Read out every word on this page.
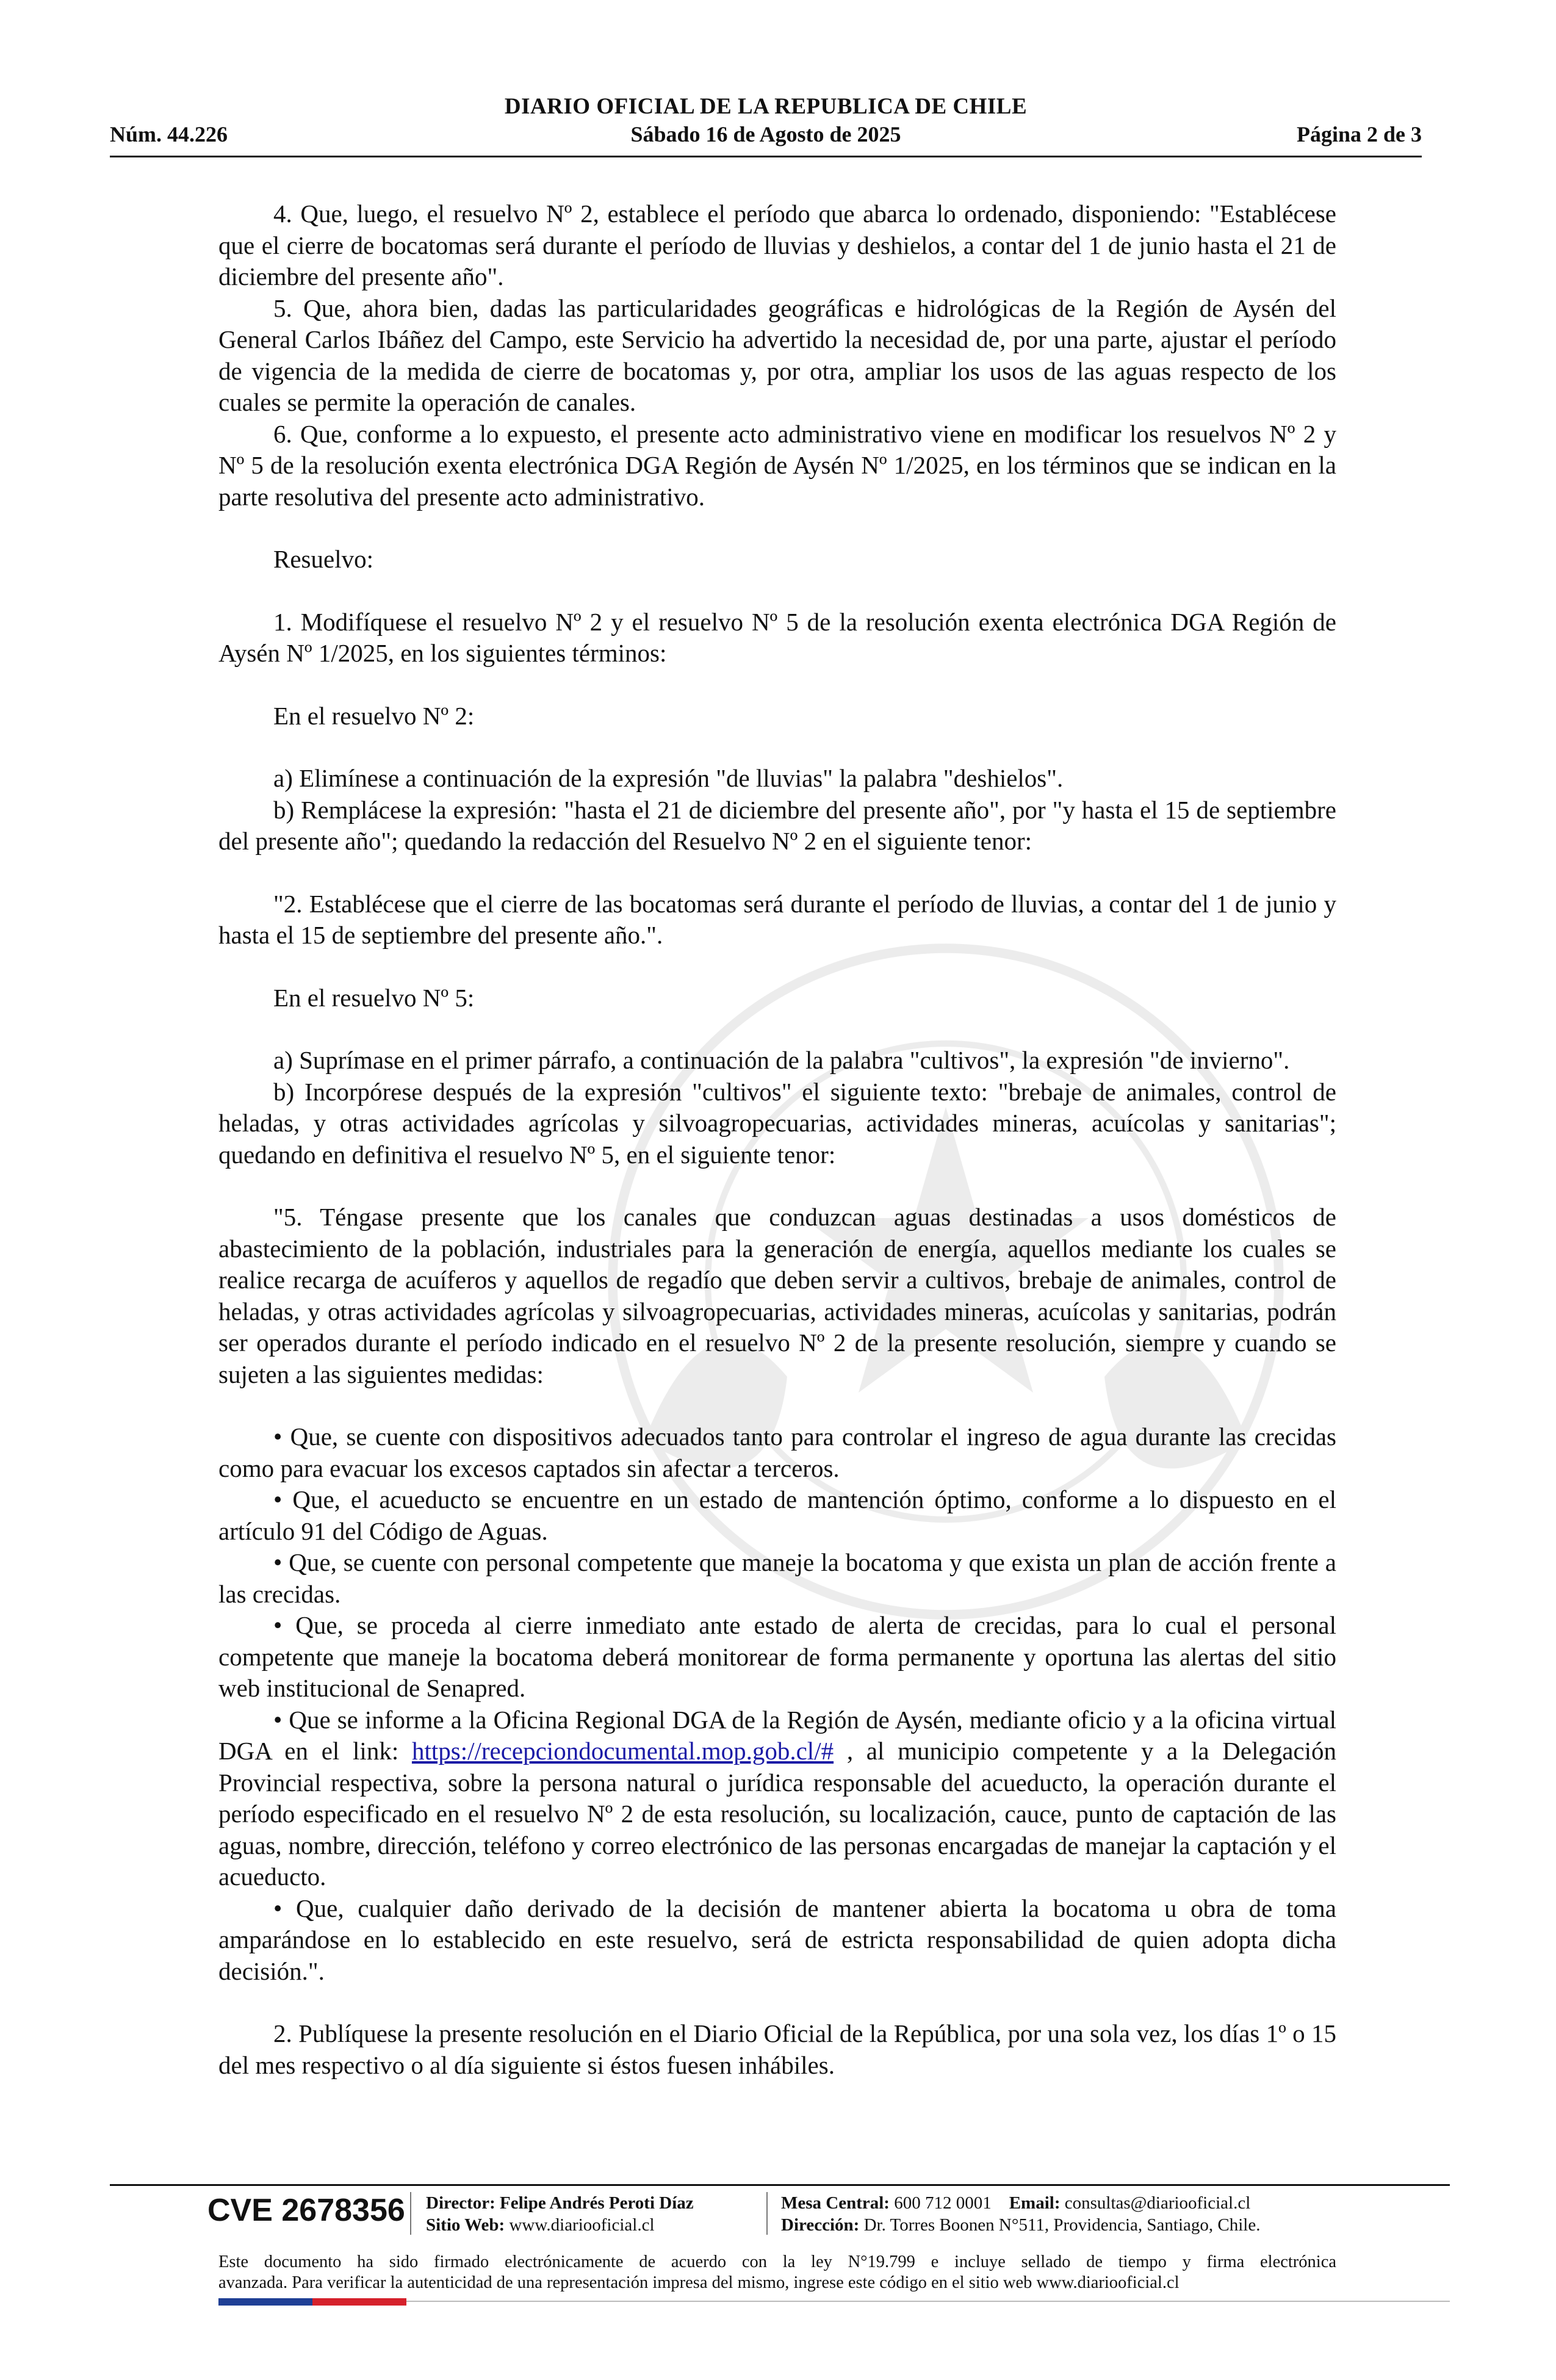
DIARIO OFICIAL DE LA REPUBLICA DE CHILE
Núm. 44.226	Sábado 16 de Agosto de 2025	Página 2 de 3

4. Que, luego, el resuelvo Nº 2, establece el período que abarca lo ordenado, disponiendo: "Establécese que el cierre de bocatomas será durante el período de lluvias y deshielos, a contar del 1 de junio hasta el 21 de diciembre del presente año".

5. Que, ahora bien, dadas las particularidades geográficas e hidrológicas de la Región de Aysén del General Carlos Ibáñez del Campo, este Servicio ha advertido la necesidad de, por una parte, ajustar el período de vigencia de la medida de cierre de bocatomas y, por otra, ampliar los usos de las aguas respecto de los cuales se permite la operación de canales.

6. Que, conforme a lo expuesto, el presente acto administrativo viene en modificar los resuelvos Nº 2 y Nº 5 de la resolución exenta electrónica DGA Región de Aysén Nº 1/2025, en los términos que se indican en la parte resolutiva del presente acto administrativo.

Resuelvo:

1. Modifíquese el resuelvo Nº 2 y el resuelvo Nº 5 de la resolución exenta electrónica DGA Región de Aysén Nº 1/2025, en los siguientes términos:

En el resuelvo Nº 2:

a) Elimínese a continuación de la expresión "de lluvias" la palabra "deshielos".

b) Remplácese la expresión: "hasta el 21 de diciembre del presente año", por "y hasta el 15 de septiembre del presente año"; quedando la redacción del Resuelvo Nº 2 en el siguiente tenor:

"2. Establécese que el cierre de las bocatomas será durante el período de lluvias, a contar del 1 de junio y hasta el 15 de septiembre del presente año.".

En el resuelvo Nº 5:

a) Suprímase en el primer párrafo, a continuación de la palabra "cultivos", la expresión "de invierno".

b) Incorpórese después de la expresión "cultivos" el siguiente texto: "brebaje de animales, control de heladas, y otras actividades agrícolas y silvoagropecuarias, actividades mineras, acuícolas y sanitarias"; quedando en definitiva el resuelvo Nº 5, en el siguiente tenor:

"5. Téngase presente que los canales que conduzcan aguas destinadas a usos domésticos de abastecimiento de la población, industriales para la generación de energía, aquellos mediante los cuales se realice recarga de acuíferos y aquellos de regadío que deben servir a cultivos, brebaje de animales, control de heladas, y otras actividades agrícolas y silvoagropecuarias, actividades mineras, acuícolas y sanitarias, podrán ser operados durante el período indicado en el resuelvo Nº 2 de la presente resolución, siempre y cuando se sujeten a las siguientes medidas:

• Que, se cuente con dispositivos adecuados tanto para controlar el ingreso de agua durante las crecidas como para evacuar los excesos captados sin afectar a terceros.

• Que, el acueducto se encuentre en un estado de mantención óptimo, conforme a lo dispuesto en el artículo 91 del Código de Aguas.

• Que, se cuente con personal competente que maneje la bocatoma y que exista un plan de acción frente a las crecidas.

• Que, se proceda al cierre inmediato ante estado de alerta de crecidas, para lo cual el personal competente que maneje la bocatoma deberá monitorear de forma permanente y oportuna las alertas del sitio web institucional de Senapred.

• Que se informe a la Oficina Regional DGA de la Región de Aysén, mediante oficio y a la oficina virtual DGA en el link: https://recepciondocumental.mop.gob.cl/# , al municipio competente y a la Delegación Provincial respectiva, sobre la persona natural o jurídica responsable del acueducto, la operación durante el período especificado en el resuelvo Nº 2 de esta resolución, su localización, cauce, punto de captación de las aguas, nombre, dirección, teléfono y correo electrónico de las personas encargadas de manejar la captación y el acueducto.

• Que, cualquier daño derivado de la decisión de mantener abierta la bocatoma u obra de toma amparándose en lo establecido en este resuelvo, será de estricta responsabilidad de quien adopta dicha decisión.".

2. Publíquese la presente resolución en el Diario Oficial de la República, por una sola vez, los días 1º o 15 del mes respectivo o al día siguiente si éstos fuesen inhábiles.

CVE 2678356 Director: Felipe Andrés Peroti Díaz
Sitio Web: www.diariooficial.cl
Mesa Central: 600 712 0001 Email: consultas@diariooficial.cl
Dirección: Dr. Torres Boonen N°511, Providencia, Santiago, Chile.
Este documento ha sido firmado electrónicamente de acuerdo con la ley N°19.799 e incluye sellado de tiempo y firma electrónica
avanzada. Para verificar la autenticidad de una representación impresa del mismo, ingrese este código en el sitio web www.diariooficial.cl
